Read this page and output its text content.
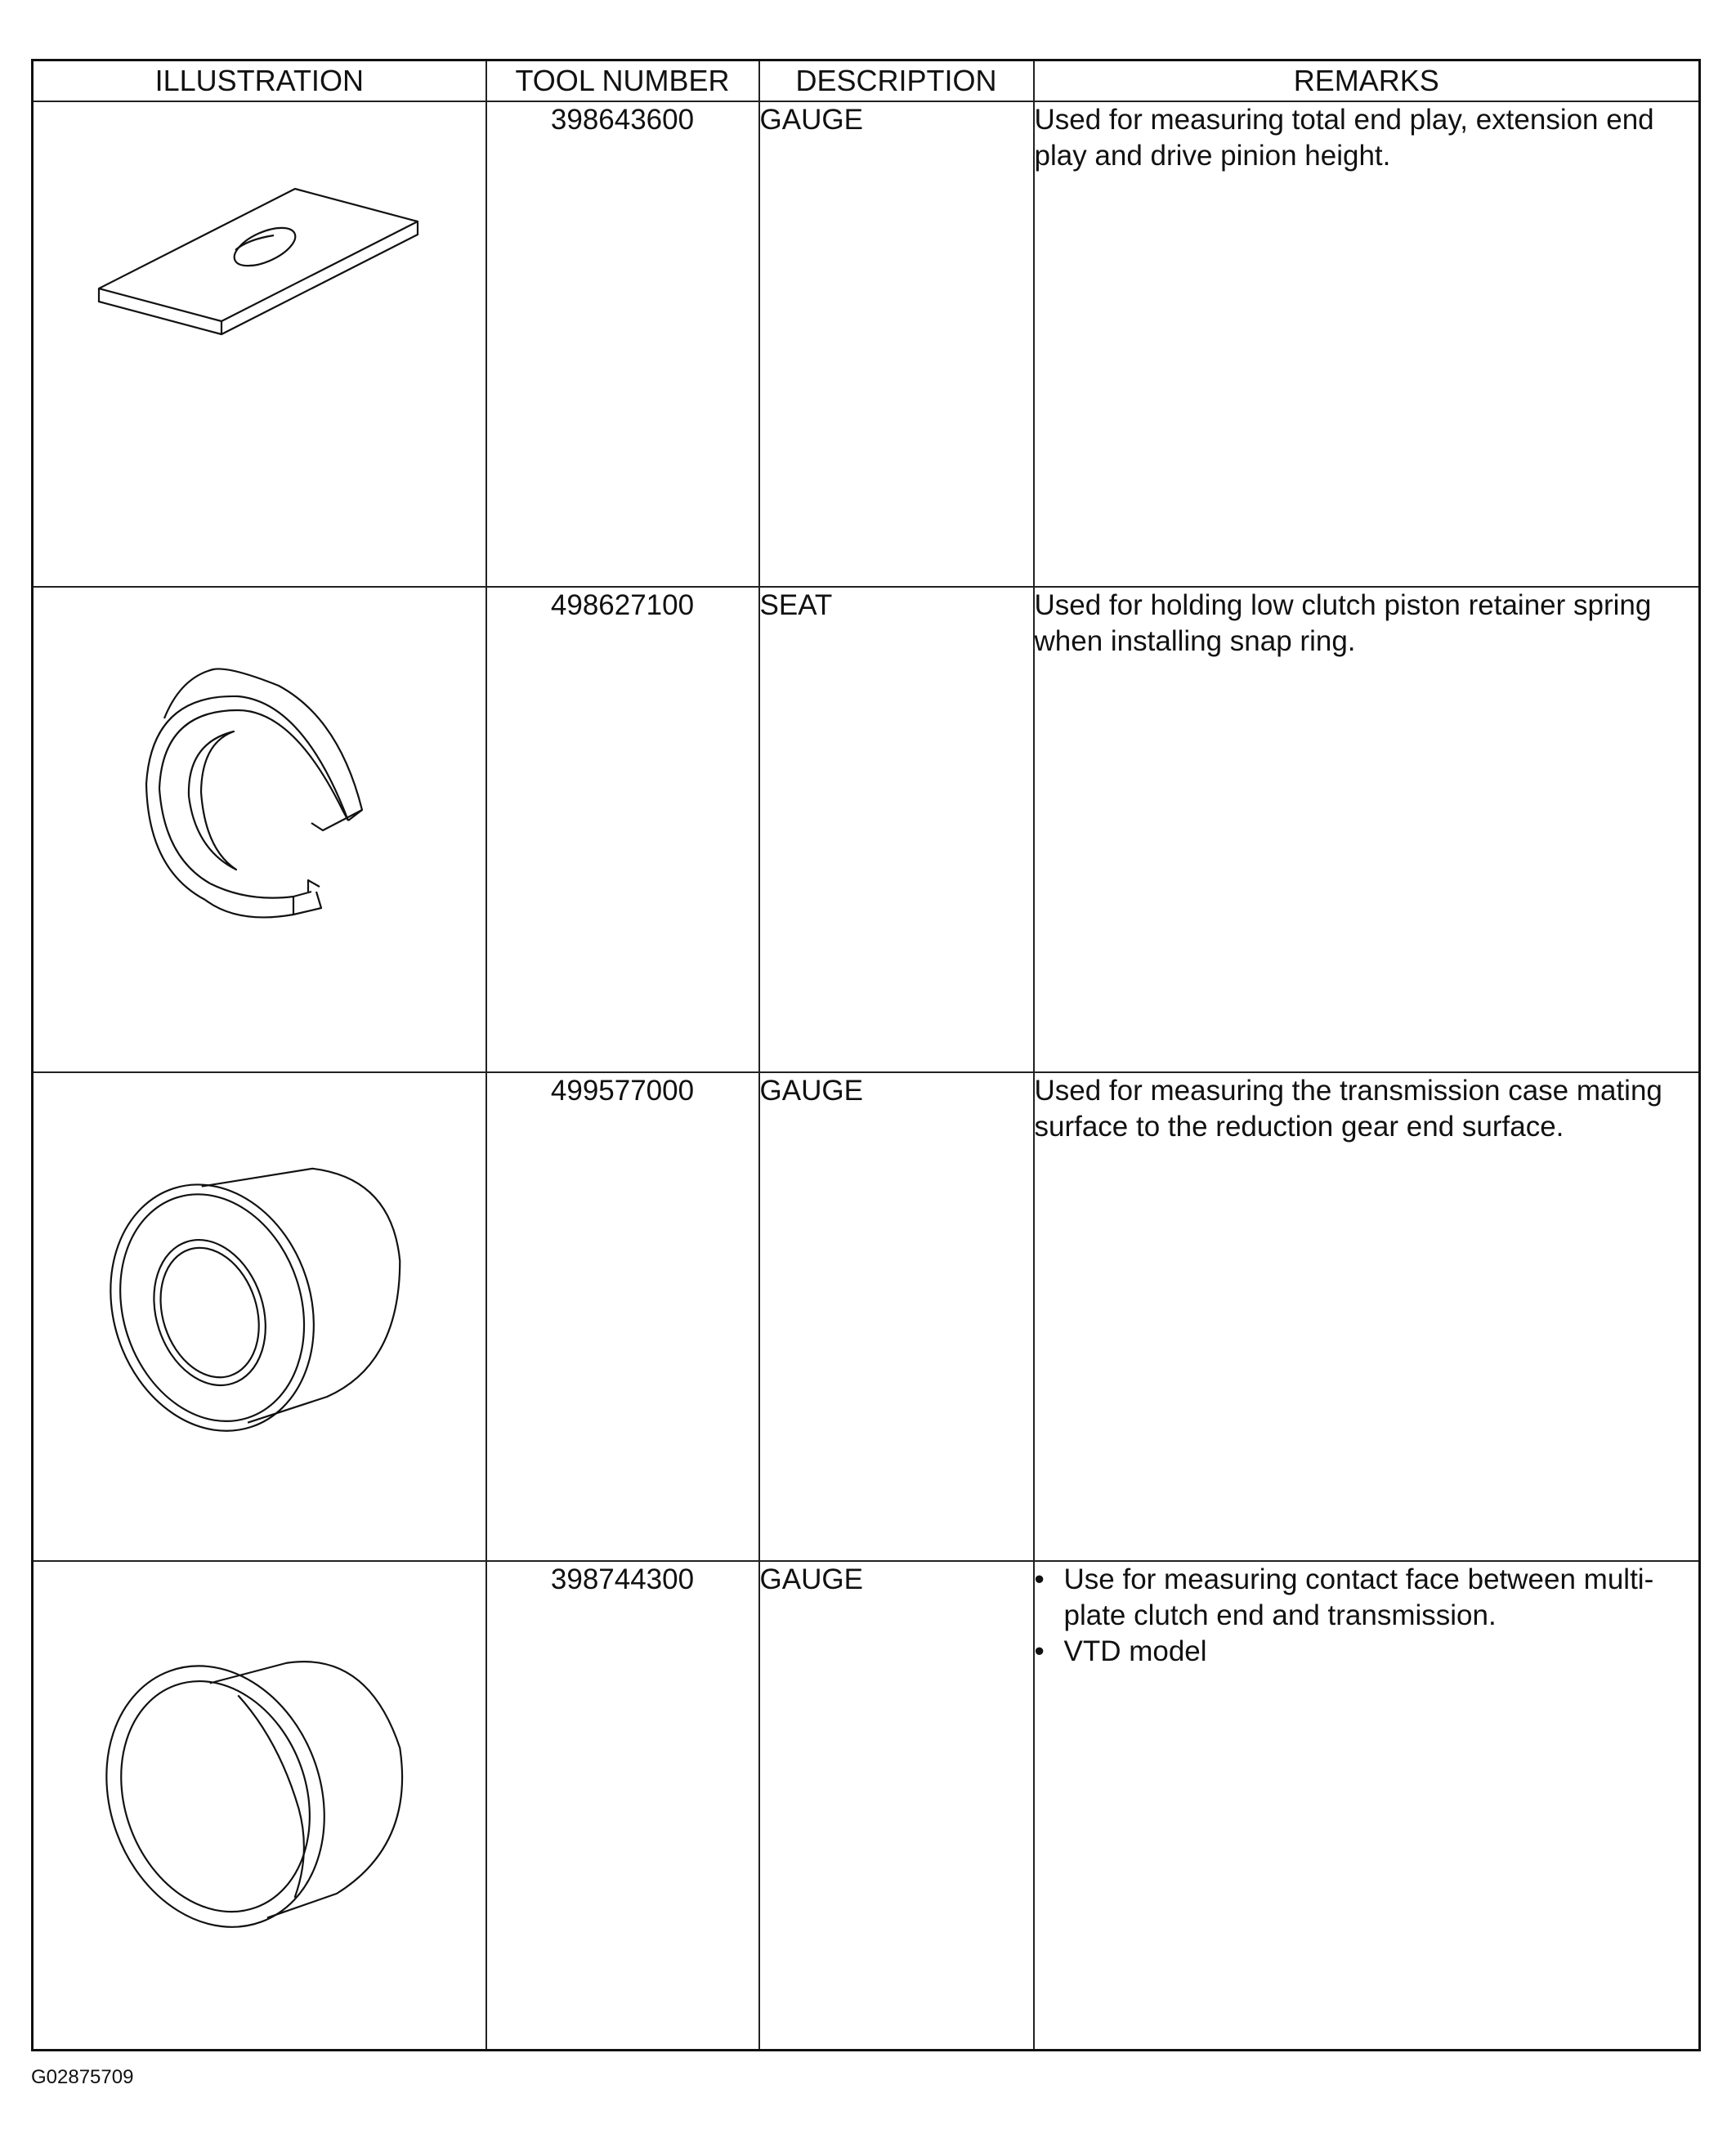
ILLUSTRATION	TOOL NUMBER	DESCRIPTION	REMARKS

	398643600	GAUGE	Used for measuring total end play, extension end play and drive pinion height.

	498627100	SEAT	Used for holding low clutch piston retainer spring when installing snap ring.

	499577000	GAUGE	Used for measuring the transmission case mating surface to the reduction gear end surface.

	398744300	GAUGE	• Use for measuring contact face between multi-plate clutch end and transmission.
• VTD model
G02875709
